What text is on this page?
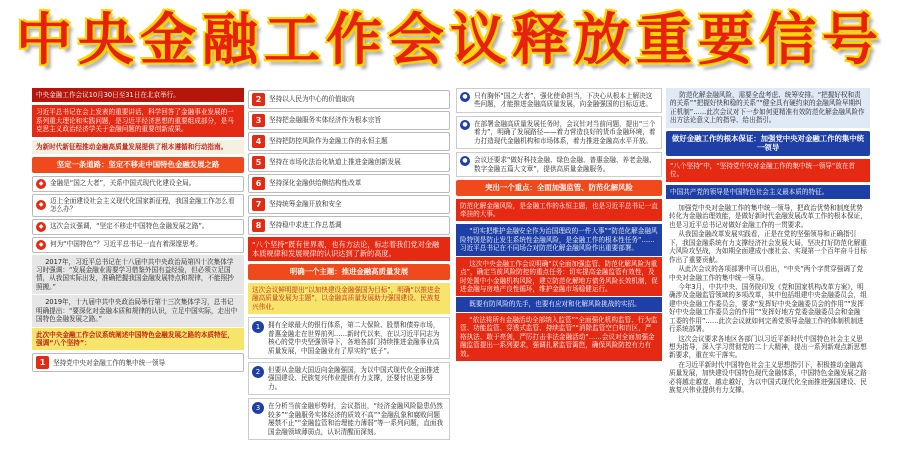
中央金融工作会议释放重要信号
中央金融工作会议10月30日至31日在北京举行。
习近平总书记在会上发表的重要讲话，科学回答了金融事业发展的一系列重大理论和实践问题，是习近平经济思想的重要组成部分，是马克思主义政治经济学关于金融问题的重要创新成果。
为新时代新征程推动金融高质量发展提供了根本遵循和行动指南。
坚定一条道路：坚定不移走中国特色金融发展之路
◆	金融是“国之大者”，关系中国式现代化建设全局。
◆	迈上全面建设社会主义现代化国家新征程，我国金融工作怎么看怎么办？
◆	这次会议强调，“坚定不移走中国特色金融发展之路”。
◆	何为“中国特色”？习近平总书记一直有着深邃思考。
2017年，习近平总书记在十八届中共中央政治局第四十次集体学习时强调：“发展金融业需要学习借鉴外国有益经验，但必须立足国情，从我国实际出发，准确把握我国金融发展特点和规律，不能照抄照搬。”
2019年，十九届中共中央政治局举行第十三次集体学习，总书记明确提出：“要深化对金融本质和规律的认识，立足中国实际，走出中国特色金融发展之路。”
此次中央金融工作会议系统阐述中国特色金融发展之路的本质特征，强调“八个坚持”：
1	坚持党中央对金融工作的集中统一领导
2	坚持以人民为中心的价值取向
3	坚持把金融服务实体经济作为根本宗旨
4	坚持把防控风险作为金融工作的永恒主题
5	坚持在市场化法治化轨道上推进金融创新发展
6	坚持深化金融供给侧结构性改革
7	坚持统筹金融开放和安全
8	坚持稳中求进工作总基调
“八个坚持”既有世界观，也有方法论，标志着我们党对金融本质规律和发展规律的认识达到了新的高度。
明确一个主题：推进金融高质量发展
这次会议鲜明提出“以加快建设金融强国为目标”，明确“以推进金融高质量发展为主题”，以金融高质量发展助力强国建设、民族复兴伟业。
1	拥有全球最大的银行体系，第二大保险、股票和债券市场，普惠金融走在世界前列……新时代以来，在以习近平同志为核心的党中央坚强领导下，各地各部门持续推进金融事业高质量发展，中国金融业有了厚实的“底子”。
2	但要从金融大国迈向金融强国，为以中国式现代化全面推进强国建设、民族复兴伟业提供有力支撑，还要付出更多努力。
3	在分析当前金融形势时，会议指出，“经济金融风险隐患仍然较多”“金融服务实体经济的质效不高”“金融乱象和腐败问题屡禁不止”“金融监管和治理能力薄弱”等一系列问题，直面我国金融领域薄弱点，认识清醒而深刻。
● 只有胸怀“国之大者”，强化使命担当，下决心从根本上解决这些问题，才能推进金融高质量发展，向金融强国的目标迈进。
● 在部署金融高质量发展任务时，会议针对当前问题，提出“三个着力”，明确了发展路径——着力营造良好的货币金融环境，着力打造现代金融机构和市场体系，着力推进金融高水平开放。
● 会议还要求“做好科技金融、绿色金融、普惠金融、养老金融、数字金融五篇大文章”，提供高质量金融服务。
突出一个重点：全面加强监管、防范化解风险
防范化解金融风险，是金融工作的永恒主题，也是习近平总书记一直牵挂的大事。
“切实把维护金融安全作为治国理政的一件大事”“防范化解金融风险特别是防止发生系统性金融风险，是金融工作的根本性任务”……习近平总书记在不同场合对防范化解金融风险作出重要部署。
这次中央金融工作会议明确“以全面加强监管、防范化解风险为重点”，确定当前风险防控的重点任务：切实提高金融监管有效性，及时处置中小金融机构风险，建立防范化解地方债务风险长效机制，促进金融与房地产良性循环，维护金融市场稳健运行。
既要有防风险的先手，也要有应对和化解风险挑战的实招。
“依法将所有金融活动全部纳入监管”“全面强化机构监管、行为监管、功能监管、穿透式监管、持续监管”“消除监管空白和盲区，严格执法、敢于亮剑，严厉打击非法金融活动”……会议对全面加强金融监管提出一系列要求，强调扎紧监管篱笆，确保风险防控有力有效。
防范化解金融风险，需要全盘考虑、统筹安排。“把握好权和责的关系”“把握好快和稳的关系”“健全具有硬约束的金融风险早期纠正机制”……此次会议对下一步如何更精准有效防范化解金融风险作出方法论意义上的指导、给出指引。
做好金融工作的根本保证：加强党中央对金融工作的集中统一领导
“八个坚持”中，“坚持党中央对金融工作的集中统一领导”放在首位。
中国共产党的领导是中国特色社会主义最本质的特征。
加强党中央对金融工作的集中统一领导，把政治优势和制度优势转化为金融治理效能，是做好新时代金融发展改革工作的根本保证，也是习近平总书记对做好金融工作的一贯要求。
从我国金融改革发展实践看，正是在党的坚强领导和正确指引下，我国金融系统有力支撑经济社会发展大局，坚决打好防范化解重大风险攻坚战，为如期全面建成小康社会、实现第一个百年奋斗目标作出了重要贡献。
从此次会议的各项部署中可以看出，“中央”两个字贯穿强调了党中央对金融工作的集中统一领导。
今年3月，中共中央、国务院印发《党和国家机构改革方案》，明确涉及金融监管领域的多项改革，其中包括组建中央金融委员会，组建中央金融工作委员会，要求“发挥好中央金融委员会的作用”“发挥好中央金融工作委员会的作用”“发挥好地方党委金融委员会和金融工委的作用”……此次会议就如何完善党领导金融工作的体制机制进行系统部署。
这次会议要求各地区各部门以习近平新时代中国特色社会主义思想为指导，深入学习贯彻党的二十大精神，提出一系列新观点新思想新要求，重在实干落实。
在习近平新时代中国特色社会主义思想指引下，积极推动金融高质量发展，加快建设中国特色现代金融体系，中国特色金融发展之路必将越走越宽、越走越好，为以中国式现代化全面推进强国建设、民族复兴伟业提供有力支撑。
